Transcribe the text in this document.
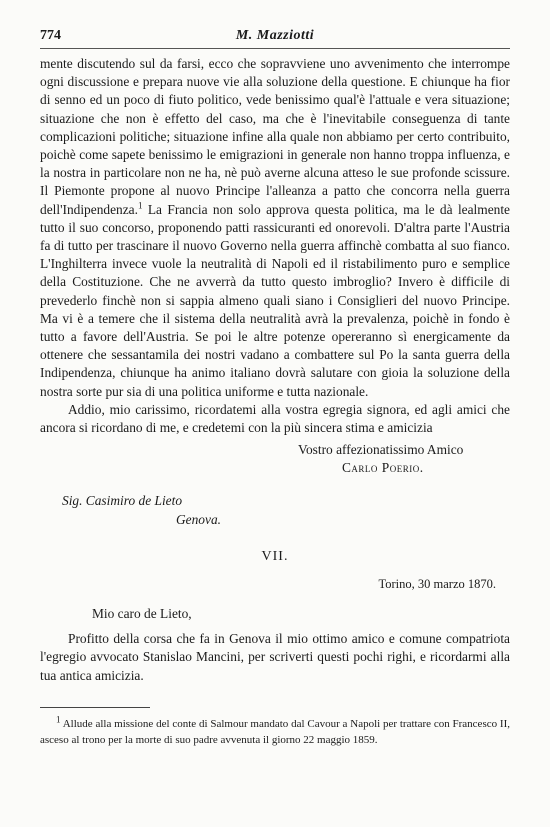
774	M. Mazziotti

mente discutendo sul da farsi, ecco che sopravviene uno avvenimento che interrompe ogni discussione e prepara nuove vie alla soluzione della questione. E chiunque ha fior di senno ed un poco di fiuto politico, vede benissimo qual'è l'attuale e vera situazione; situazione che non è effetto del caso, ma che è l'inevitabile conseguenza di tante complicazioni politiche; situazione infine alla quale non abbiamo per certo contribuito, poichè come sapete benissimo le emigrazioni in generale non hanno troppa influenza, e la nostra in particolare non ne ha, nè può averne alcuna atteso le sue profonde scissure. Il Piemonte propone al nuovo Principe l'alleanza a patto che concorra nella guerra dell'Indipendenza.$^1$ La Francia non solo approva questa politica, ma le dà lealmente tutto il suo concorso, proponendo patti rassicuranti ed onorevoli. D'altra parte l'Austria fa di tutto per trascinare il nuovo Governo nella guerra affinchè combatta al suo fianco. L'Inghilterra invece vuole la neutralità di Napoli ed il ristabilimento puro e semplice della Costituzione. Che ne avverrà da tutto questo imbroglio? Invero è difficile di prevederlo finchè non si sappia almeno quali siano i Consiglieri del nuovo Principe. Ma vi è a temere che il sistema della neutralità avrà la prevalenza, poichè in fondo è tutto a favore dell'Austria. Se poi le altre potenze opereranno sì energicamente da ottenere che sessantamila dei nostri vadano a combattere sul Po la santa guerra della Indipendenza, chiunque ha animo italiano dovrà salutare con gioia la soluzione della nostra sorte pur sia di una politica uniforme e tutta nazionale.

Addio, mio carissimo, ricordatemi alla vostra egregia signora, ed agli amici che ancora si ricordano di me, e credetemi con la più sincera stima e amicizia

Vostro affezionatissimo Amico
Carlo Poerio.
Sig. Casimiro de Lieto
Genova.
VII.
Torino, 30 marzo 1870.
Mio caro de Lieto,
Profitto della corsa che fa in Genova il mio ottimo amico e comune compatriota l'egregio avvocato Stanislao Mancini, per scriverti questi pochi righi, e ricordarmi alla tua antica amicizia.
$^1$ Allude alla missione del conte di Salmour mandato dal Cavour a Napoli per trattare con Francesco II, asceso al trono per la morte di suo padre avvenuta il giorno 22 maggio 1859.
